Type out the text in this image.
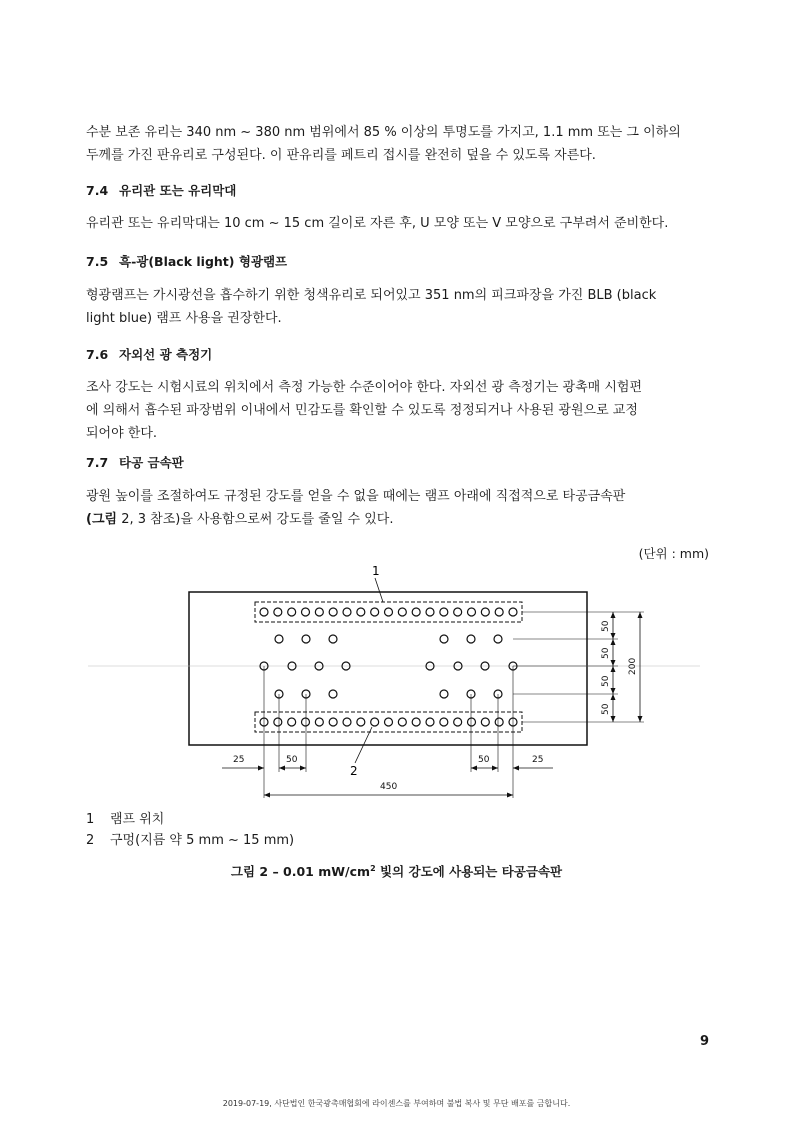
수분 보존 유리는 340 nm ~ 380 nm 범위에서 85 % 이상의 투명도를 가지고, 1.1 mm 또는 그 이하의
두께를 가진 판유리로 구성된다. 이 판유리를 페트리 접시를 완전히 덮을 수 있도록 자른다.

7.4 유리관 또는 유리막대

유리관 또는 유리막대는 10 cm ~ 15 cm 길이로 자른 후, U 모양 또는 V 모양으로 구부려서 준비한다.

7.5 흑-광(Black light) 형광램프

형광램프는 가시광선을 흡수하기 위한 청색유리로 되어있고 351 nm의 피크파장을 가진 BLB (black
light blue) 램프 사용을 권장한다.

7.6 자외선 광 측정기

조사 강도는 시험시료의 위치에서 측정 가능한 수준이어야 한다. 자외선 광 측정기는 광촉매 시험편
에 의해서 흡수된 파장범위 이내에서 민감도를 확인할 수 있도록 정정되거나 사용된 광원으로 교정
되어야 한다.

7.7 타공 금속판

광원 높이를 조절하여도 규정된 강도를 얻을 수 없을 때에는 램프 아래에 직접적으로 타공금속판
(그림 2, 3 참조)을 사용함으로써 강도를 줄일 수 있다.

(단위 : mm)
1
2
25	50	50	25
450
50
50
50
50
200
1 램프 위치
2 구멍(지름 약 5 mm ~ 15 mm)
그림 2 – 0.01 $mW/cm^2$ 빛의 강도에 사용되는 타공금속판
9
2019-07-19, 사단법인 한국광촉매협회에 라이센스를 부여하며 불법 복사 및 무단 배포를 금합니다.
